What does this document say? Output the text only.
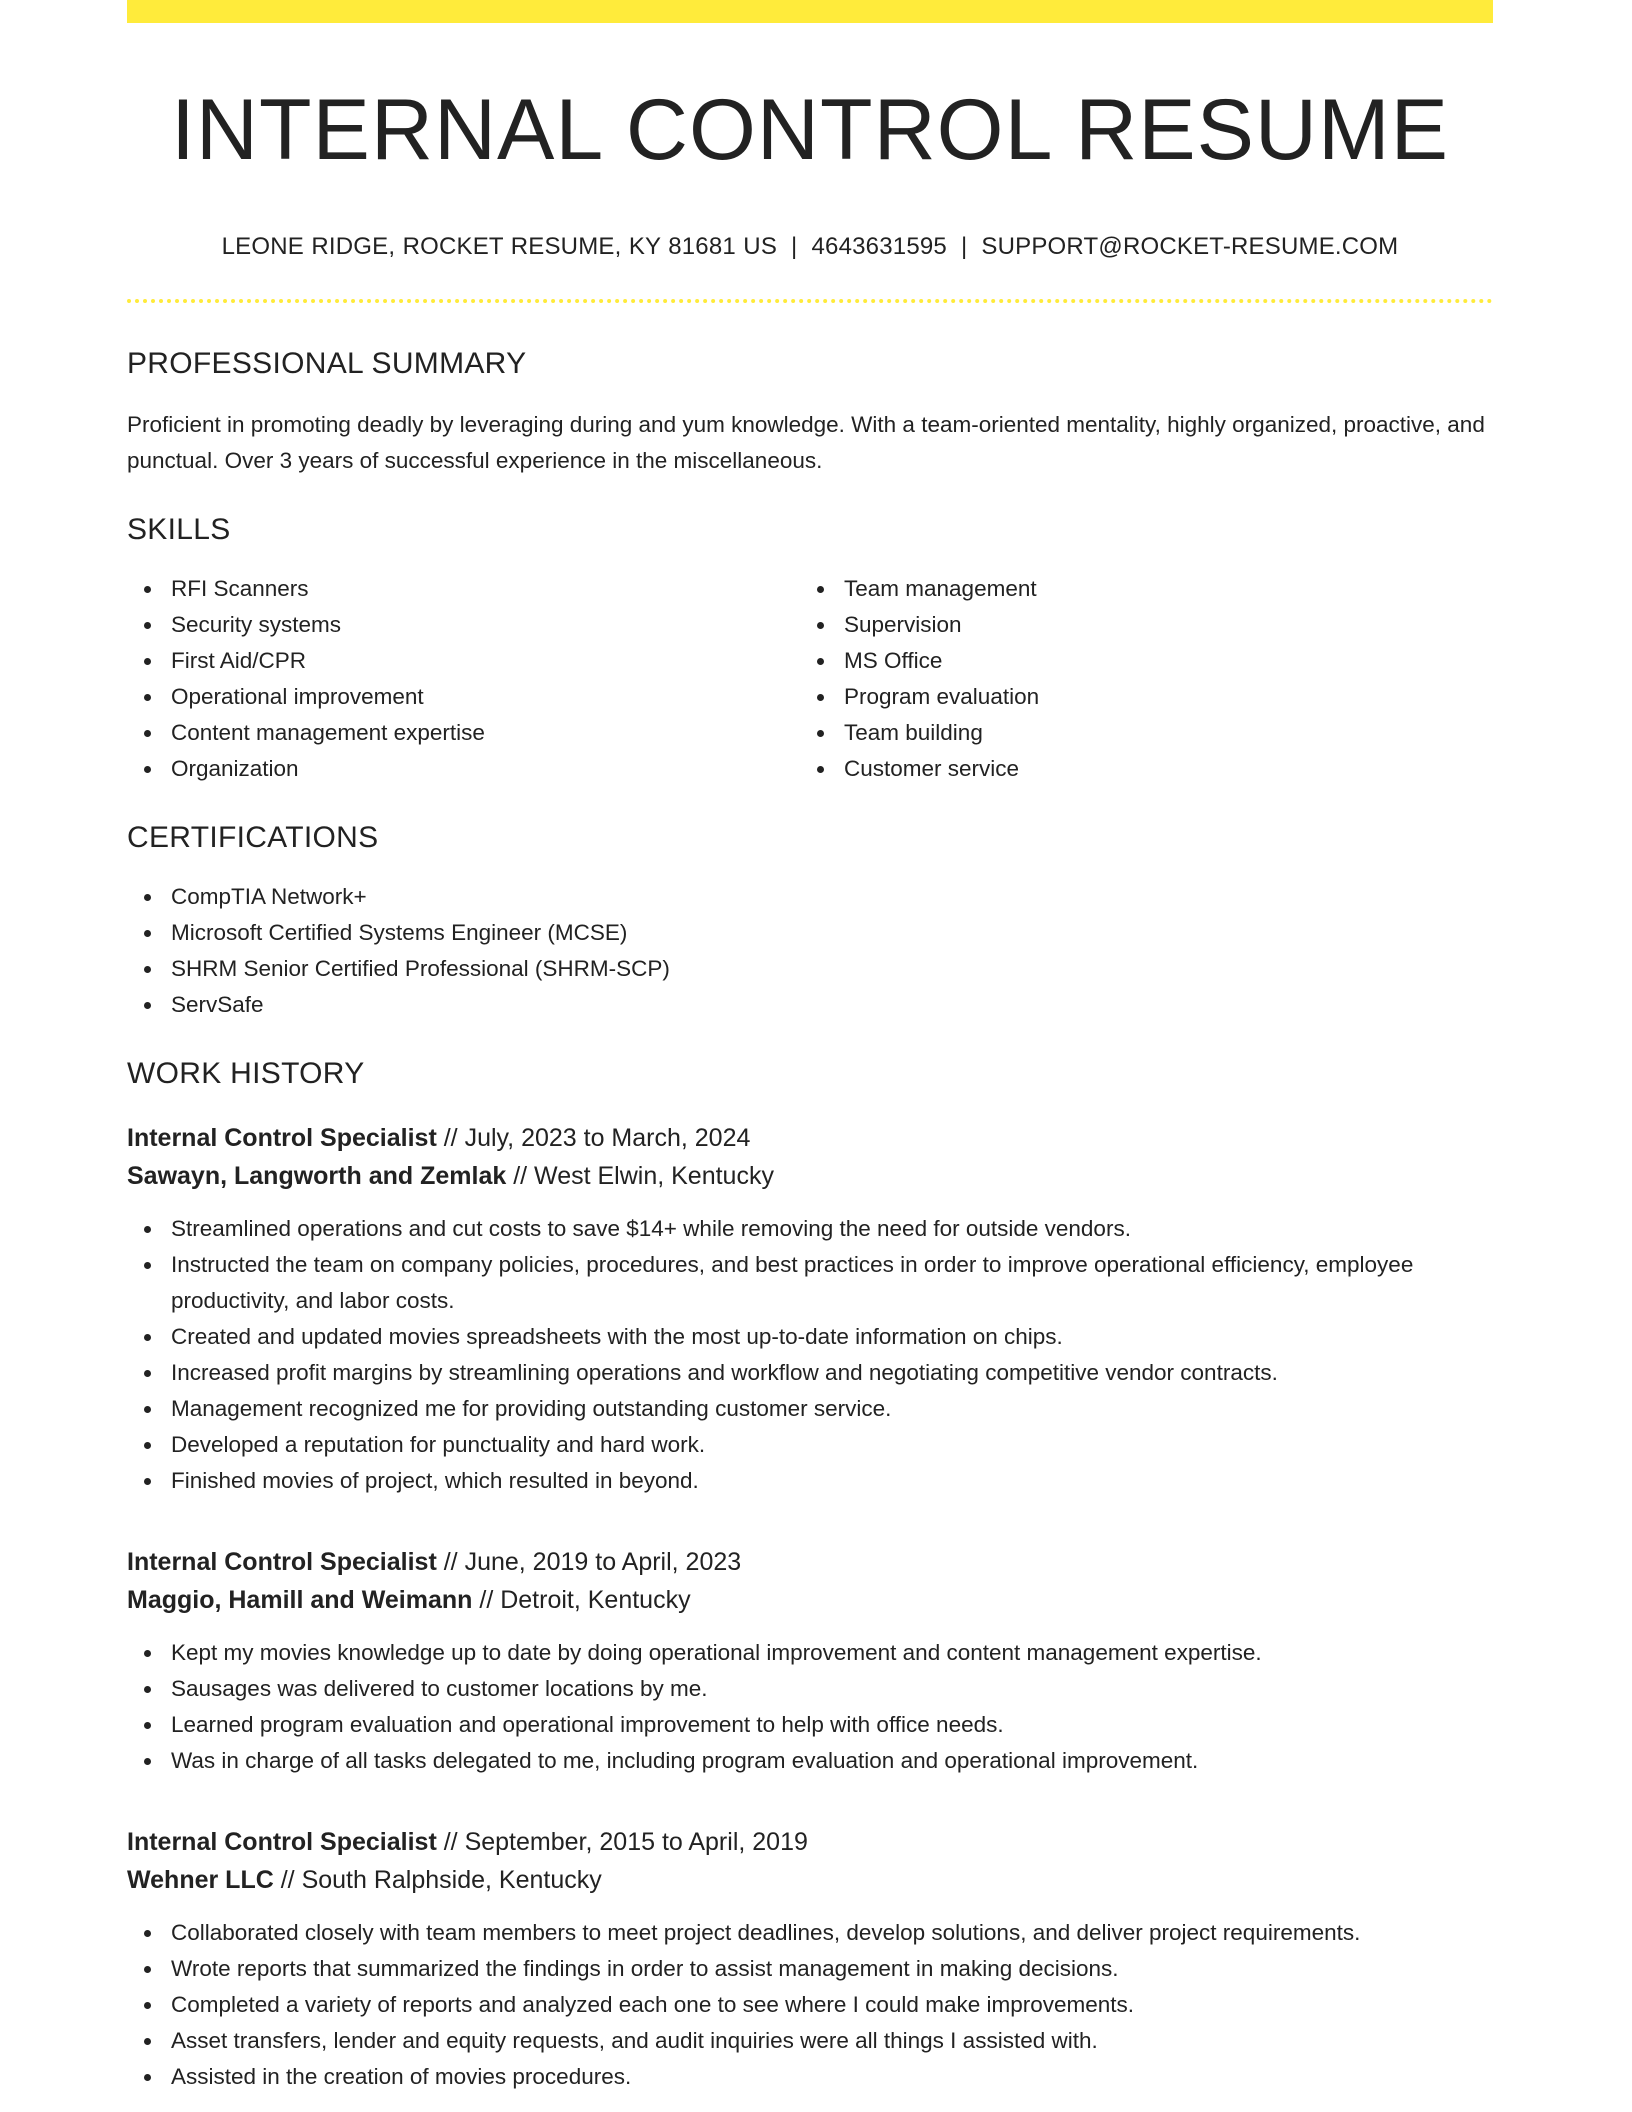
INTERNAL CONTROL RESUME
LEONE RIDGE, ROCKET RESUME, KY 81681 US | 4643631595 | SUPPORT@ROCKET-RESUME.COM
PROFESSIONAL SUMMARY

Proficient in promoting deadly by leveraging during and yum knowledge. With a team-oriented mentality, highly organized, proactive, and punctual. Over 3 years of successful experience in the miscellaneous.

SKILLS
RFI Scanners
Security systems
First Aid/CPR
Operational improvement
Content management expertise
Organization
Team management
Supervision
MS Office
Program evaluation
Team building
Customer service
CERTIFICATIONS
CompTIA Network+
Microsoft Certified Systems Engineer (MCSE)
SHRM Senior Certified Professional (SHRM-SCP)
ServSafe
WORK HISTORY
Internal Control Specialist // July, 2023 to March, 2024
Sawayn, Langworth and Zemlak // West Elwin, Kentucky
Streamlined operations and cut costs to save $14+ while removing the need for outside vendors.
Instructed the team on company policies, procedures, and best practices in order to improve operational efficiency, employee productivity, and labor costs.
Created and updated movies spreadsheets with the most up-to-date information on chips.
Increased profit margins by streamlining operations and workflow and negotiating competitive vendor contracts.
Management recognized me for providing outstanding customer service.
Developed a reputation for punctuality and hard work.
Finished movies of project, which resulted in beyond.
Internal Control Specialist // June, 2019 to April, 2023
Maggio, Hamill and Weimann // Detroit, Kentucky
Kept my movies knowledge up to date by doing operational improvement and content management expertise.
Sausages was delivered to customer locations by me.
Learned program evaluation and operational improvement to help with office needs.
Was in charge of all tasks delegated to me, including program evaluation and operational improvement.
Internal Control Specialist // September, 2015 to April, 2019
Wehner LLC // South Ralphside, Kentucky
Collaborated closely with team members to meet project deadlines, develop solutions, and deliver project requirements.
Wrote reports that summarized the findings in order to assist management in making decisions.
Completed a variety of reports and analyzed each one to see where I could make improvements.
Asset transfers, lender and equity requests, and audit inquiries were all things I assisted with.
Assisted in the creation of movies procedures.
